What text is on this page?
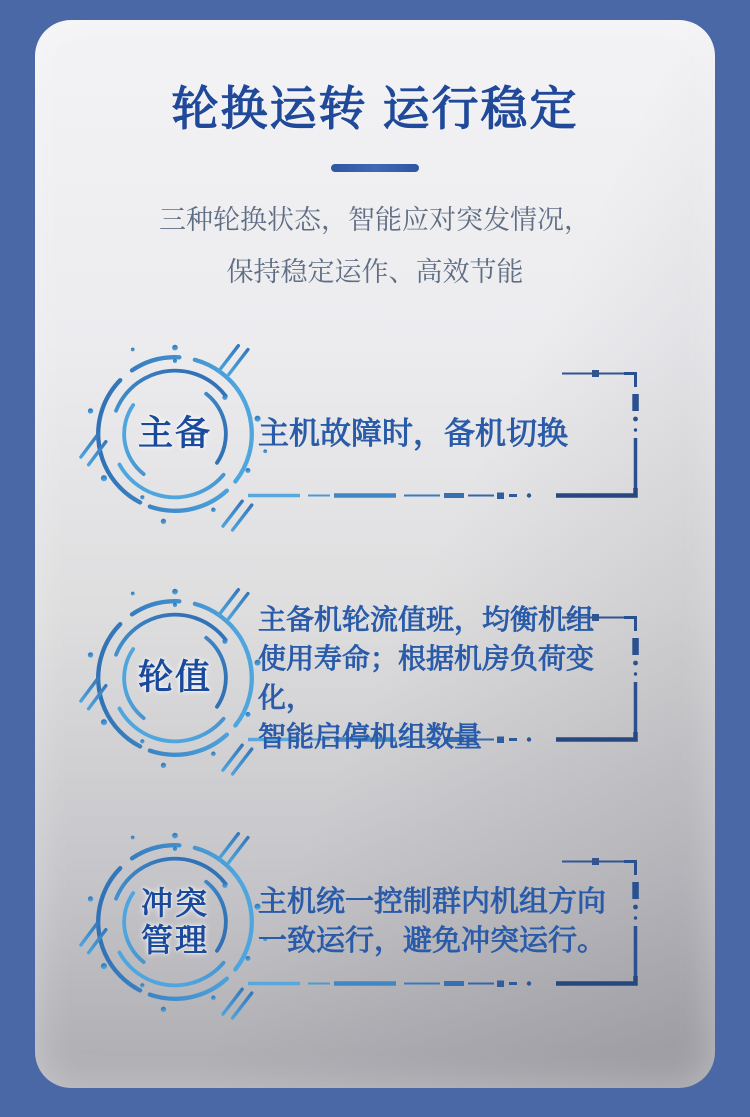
轮换运转 运行稳定
三种轮换状态，智能应对突发情况，
保持稳定运作、高效节能
主备 主机故障时，备机切换
轮值
主备机轮流值班，均衡机组
使用寿命；根据机房负荷变化，
智能启停机组数量
冲突
管理
主机统一控制群内机组方向
一致运行，避免冲突运行。
